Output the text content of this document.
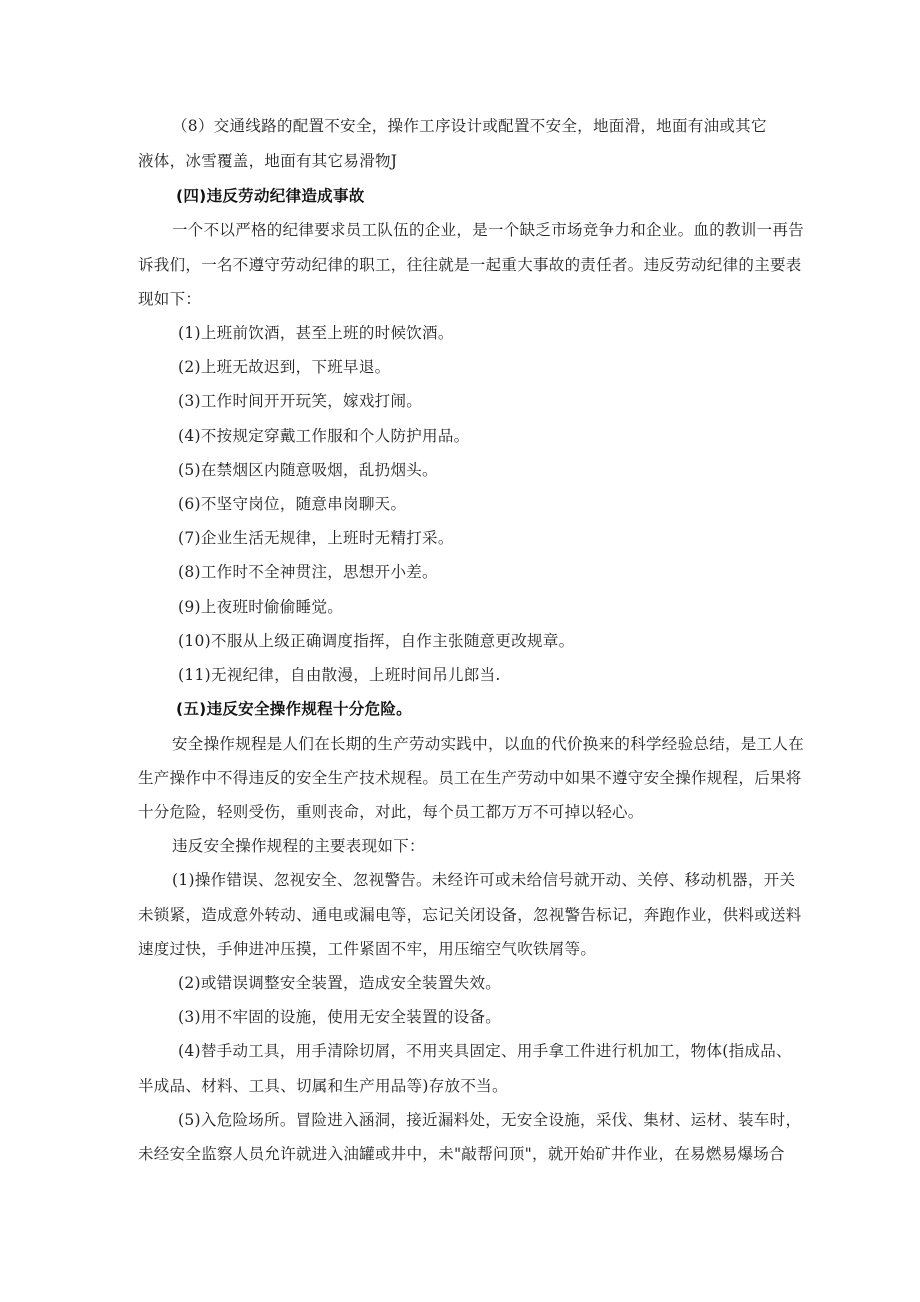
（8）交通线路的配置不安全，操作工序设计或配置不安全，地面滑，地面有油或其它
液体，冰雪覆盖，地面有其它易滑物J
(四)违反劳动纪律造成事故
一个不以严格的纪律要求员工队伍的企业，是一个缺乏市场竞争力和企业。血的教训一再告
诉我们，一名不遵守劳动纪律的职工，往往就是一起重大事故的责任者。违反劳动纪律的主要表
现如下：
(1)上班前饮酒，甚至上班的时候饮酒。
(2)上班无故迟到，下班早退。
(3)工作时间开开玩笑，嫁戏打闹。
(4)不按规定穿戴工作服和个人防护用品。
(5)在禁烟区内随意吸烟，乱扔烟头。
(6)不坚守岗位，随意串岗聊天。
(7)企业生活无规律，上班时无精打采。
(8)工作时不全神贯注，思想开小差。
(9)上夜班时偷偷睡觉。
(10)不服从上级正确调度指挥，自作主张随意更改规章。
(11)无视纪律，自由散漫，上班时间吊儿郎当.
(五)违反安全操作规程十分危险。
安全操作规程是人们在长期的生产劳动实践中，以血的代价换来的科学经验总结，是工人在
生产操作中不得违反的安全生产技术规程。员工在生产劳动中如果不遵守安全操作规程，后果将
十分危险，轻则受伤，重则丧命，对此，每个员工都万万不可掉以轻心。
违反安全操作规程的主要表现如下：
(1)操作错误、忽视安全、忽视警告。未经许可或未给信号就开动、关停、移动机器，开关
未锁紧，造成意外转动、通电或漏电等，忘记关闭设备，忽视警告标记，奔跑作业，供料或送料
速度过快，手伸进冲压摸，工件紧固不牢，用压缩空气吹铁屑等。
(2)或错误调整安全装置，造成安全装置失效。
(3)用不牢固的设施，使用无安全装置的设备。
(4)替手动工具，用手清除切屑，不用夹具固定、用手拿工件进行机加工，物体(指成品、
半成品、材料、工具、切属和生产用品等)存放不当。
(5)入危险场所。冒险进入涵洞，接近漏料处，无安全设施，采伐、集材、运材、装车时，
未经安全监察人员允许就进入油罐或井中，未"敲帮问顶"，就开始矿井作业，在易燃易爆场合
